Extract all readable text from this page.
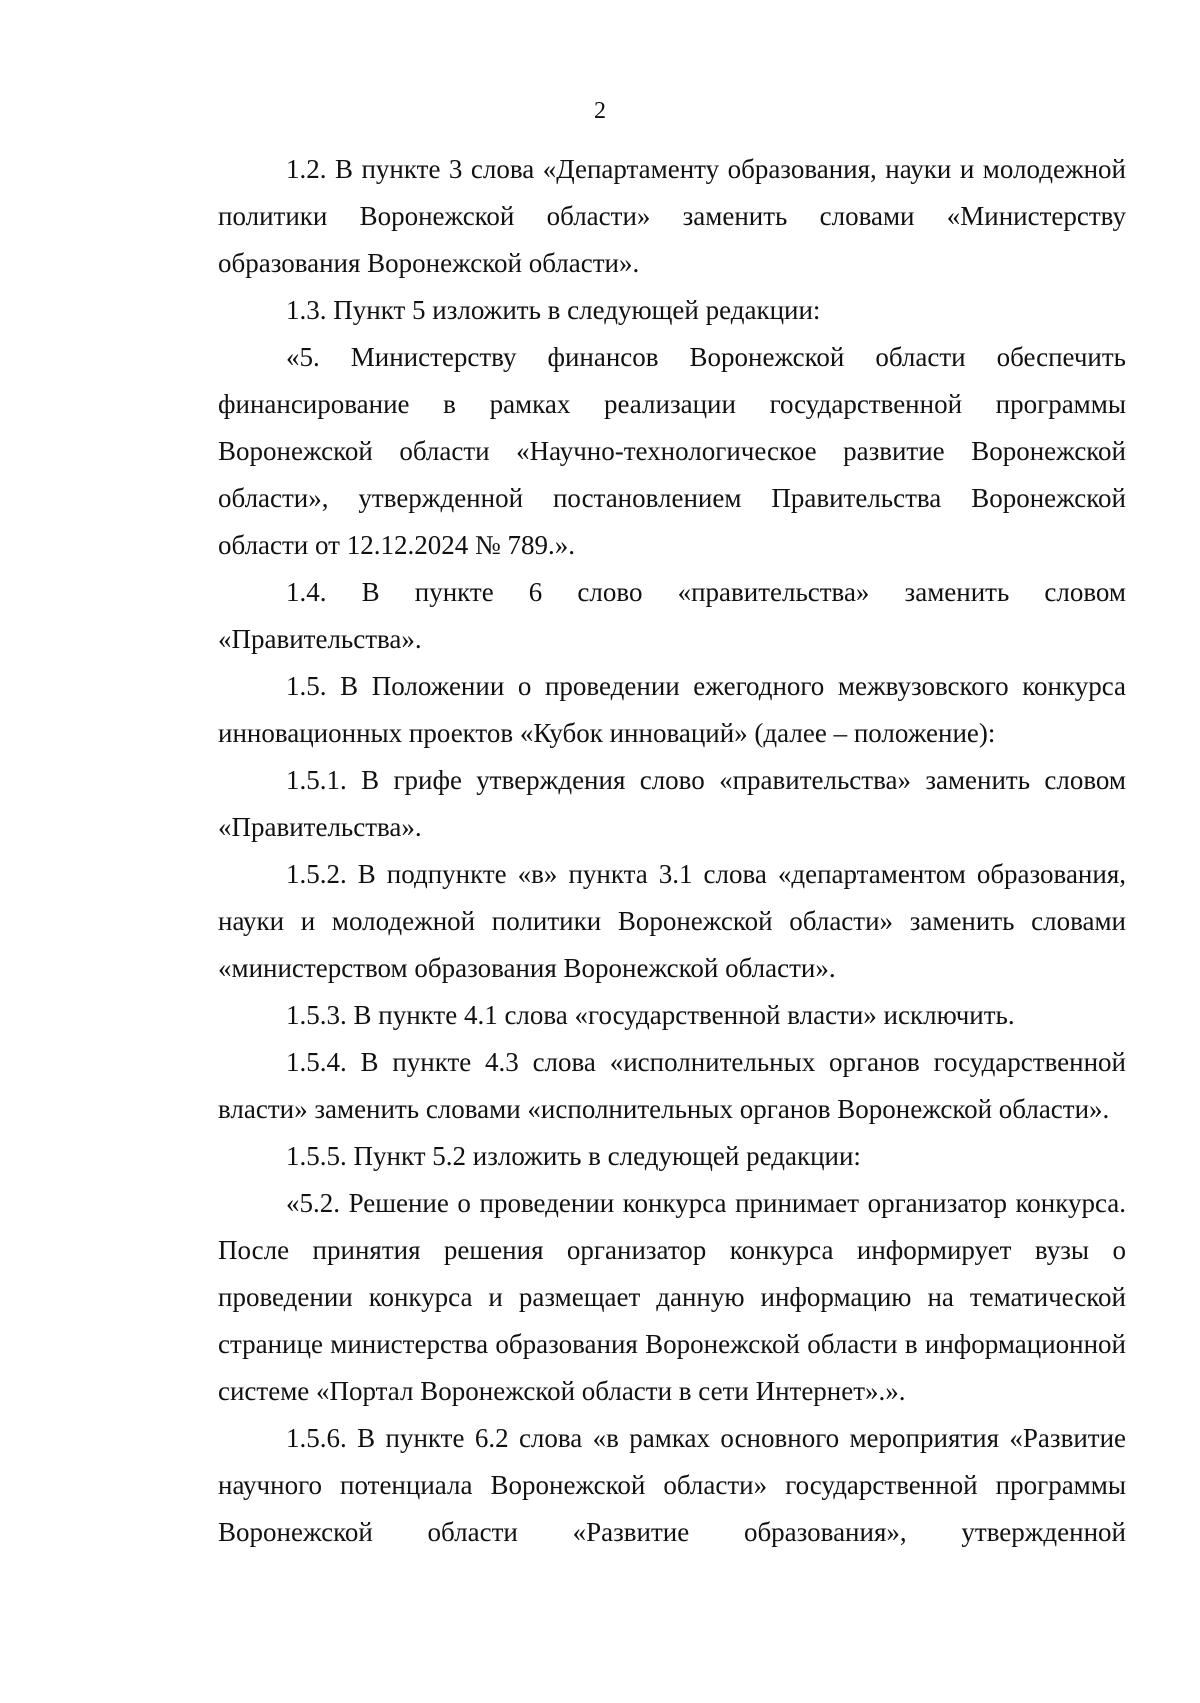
2

1.2. В пункте 3 слова «Департаменту образования, науки и молодежной политики Воронежской области» заменить словами «Министерству образования Воронежской области».

1.3. Пункт 5 изложить в следующей редакции:

«5. Министерству финансов Воронежской области обеспечить финансирование в рамках реализации государственной программы Воронежской области «Научно-технологическое развитие Воронежской области», утвержденной постановлением Правительства Воронежской области от 12.12.2024 № 789.».

1.4. В пункте 6 слово «правительства» заменить словом «Правительства».

1.5. В Положении о проведении ежегодного межвузовского конкурса инновационных проектов «Кубок инноваций» (далее – положение):

1.5.1. В грифе утверждения слово «правительства» заменить словом «Правительства».

1.5.2. В подпункте «в» пункта 3.1 слова «департаментом образования, науки и молодежной политики Воронежской области» заменить словами «министерством образования Воронежской области».

1.5.3. В пункте 4.1 слова «государственной власти» исключить.

1.5.4. В пункте 4.3 слова «исполнительных органов государственной власти» заменить словами «исполнительных органов Воронежской области».

1.5.5. Пункт 5.2 изложить в следующей редакции:

«5.2. Решение о проведении конкурса принимает организатор конкурса. После принятия решения организатор конкурса информирует вузы о проведении конкурса и размещает данную информацию на тематической странице министерства образования Воронежской области в информационной системе «Портал Воронежской области в сети Интернет».».

1.5.6. В пункте 6.2 слова «в рамках основного мероприятия «Развитие научного потенциала Воронежской области» государственной программы Воронежской области «Развитие образования», утвержденной
